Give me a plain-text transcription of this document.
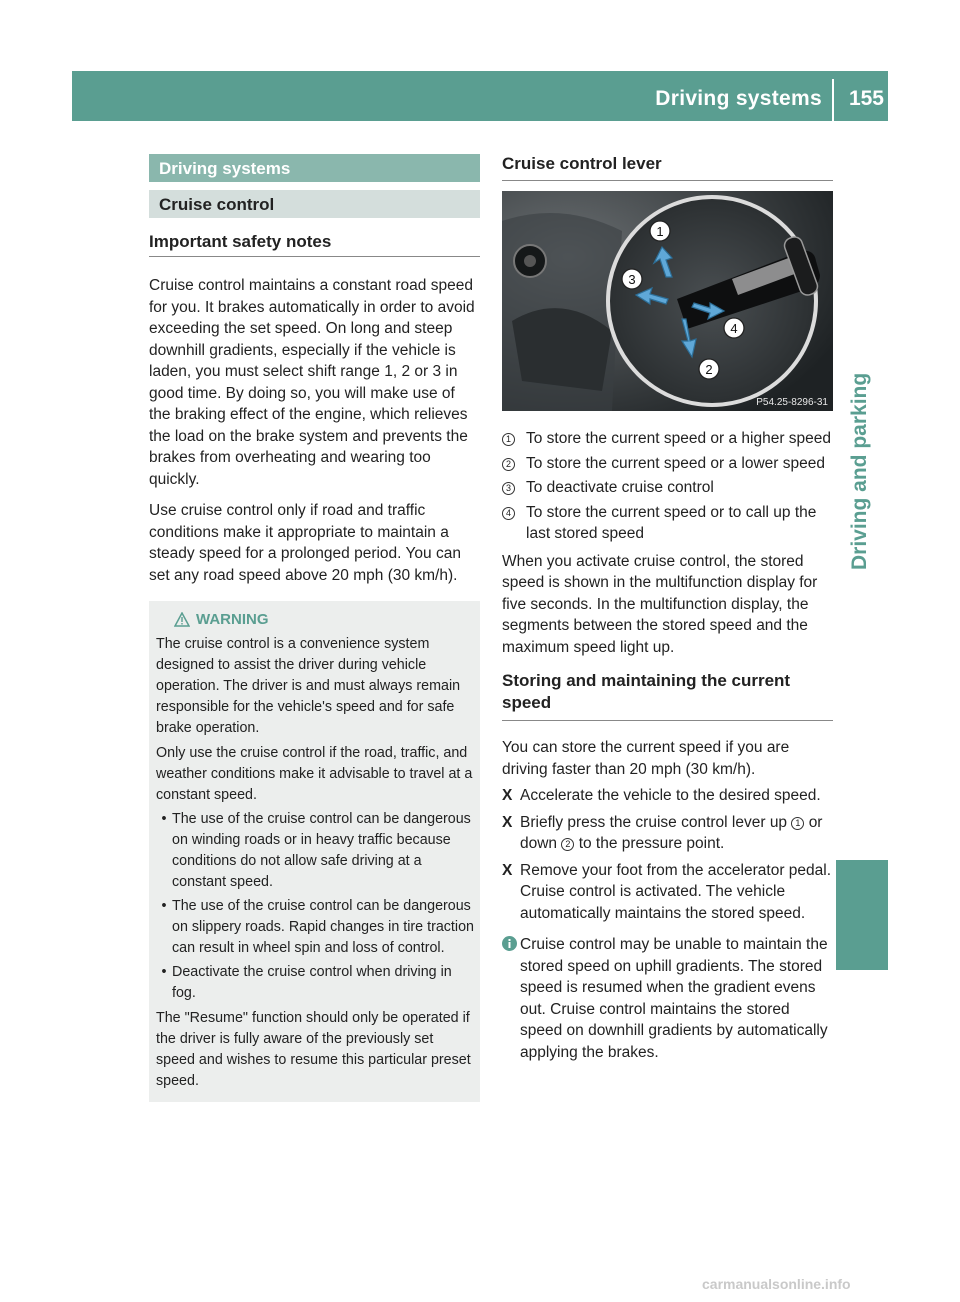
Driving systems 155
Driving and parking
Driving systems
Cruise control
Important safety notes

Cruise control maintains a constant road speed for you. It brakes automatically in order to avoid exceeding the set speed. On long and steep downhill gradients, especially if the vehicle is laden, you must select shift range 1, 2 or 3 in good time. By doing so, you will make use of the braking effect of the engine, which relieves the load on the brake system and prevents the brakes from overheating and wearing too quickly.

Use cruise control only if road and traffic conditions make it appropriate to maintain a steady speed for a prolonged period. You can set any road speed above 20 mph (30 km/h).

WARNING

The cruise control is a convenience system designed to assist the driver during vehicle operation. The driver is and must always remain responsible for the vehicle's speed and for safe brake operation.

Only use the cruise control if the road, traffic, and weather conditions make it advisable to travel at a constant speed.

• The use of the cruise control can be dangerous on winding roads or in heavy traffic because conditions do not allow safe driving at a constant speed.
• The use of the cruise control can be dangerous on slippery roads. Rapid changes in tire traction can result in wheel spin and loss of control.
• Deactivate the cruise control when driving in fog.

The "Resume" function should only be operated if the driver is fully aware of the previously set speed and wishes to resume this particular preset speed.

Cruise control lever
1
2
3
4
P54.25-8296-31
1 To store the current speed or a higher speed
2 To store the current speed or a lower speed
3 To deactivate cruise control
4 To store the current speed or to call up the last stored speed

When you activate cruise control, the stored speed is shown in the multifunction display for five seconds. In the multifunction display, the segments between the stored speed and the maximum speed light up.

Storing and maintaining the current speed

You can store the current speed if you are driving faster than 20 mph (30 km/h).

X Accelerate the vehicle to the desired speed.
X Briefly press the cruise control lever up 1 or down 2 to the pressure point.
X Remove your foot from the accelerator pedal.
Cruise control is activated. The vehicle automatically maintains the stored speed.
Cruise control may be unable to maintain the stored speed on uphill gradients. The stored speed is resumed when the gradient evens out. Cruise control maintains the stored speed on downhill gradients by automatically applying the brakes.
carmanualsonline.info
